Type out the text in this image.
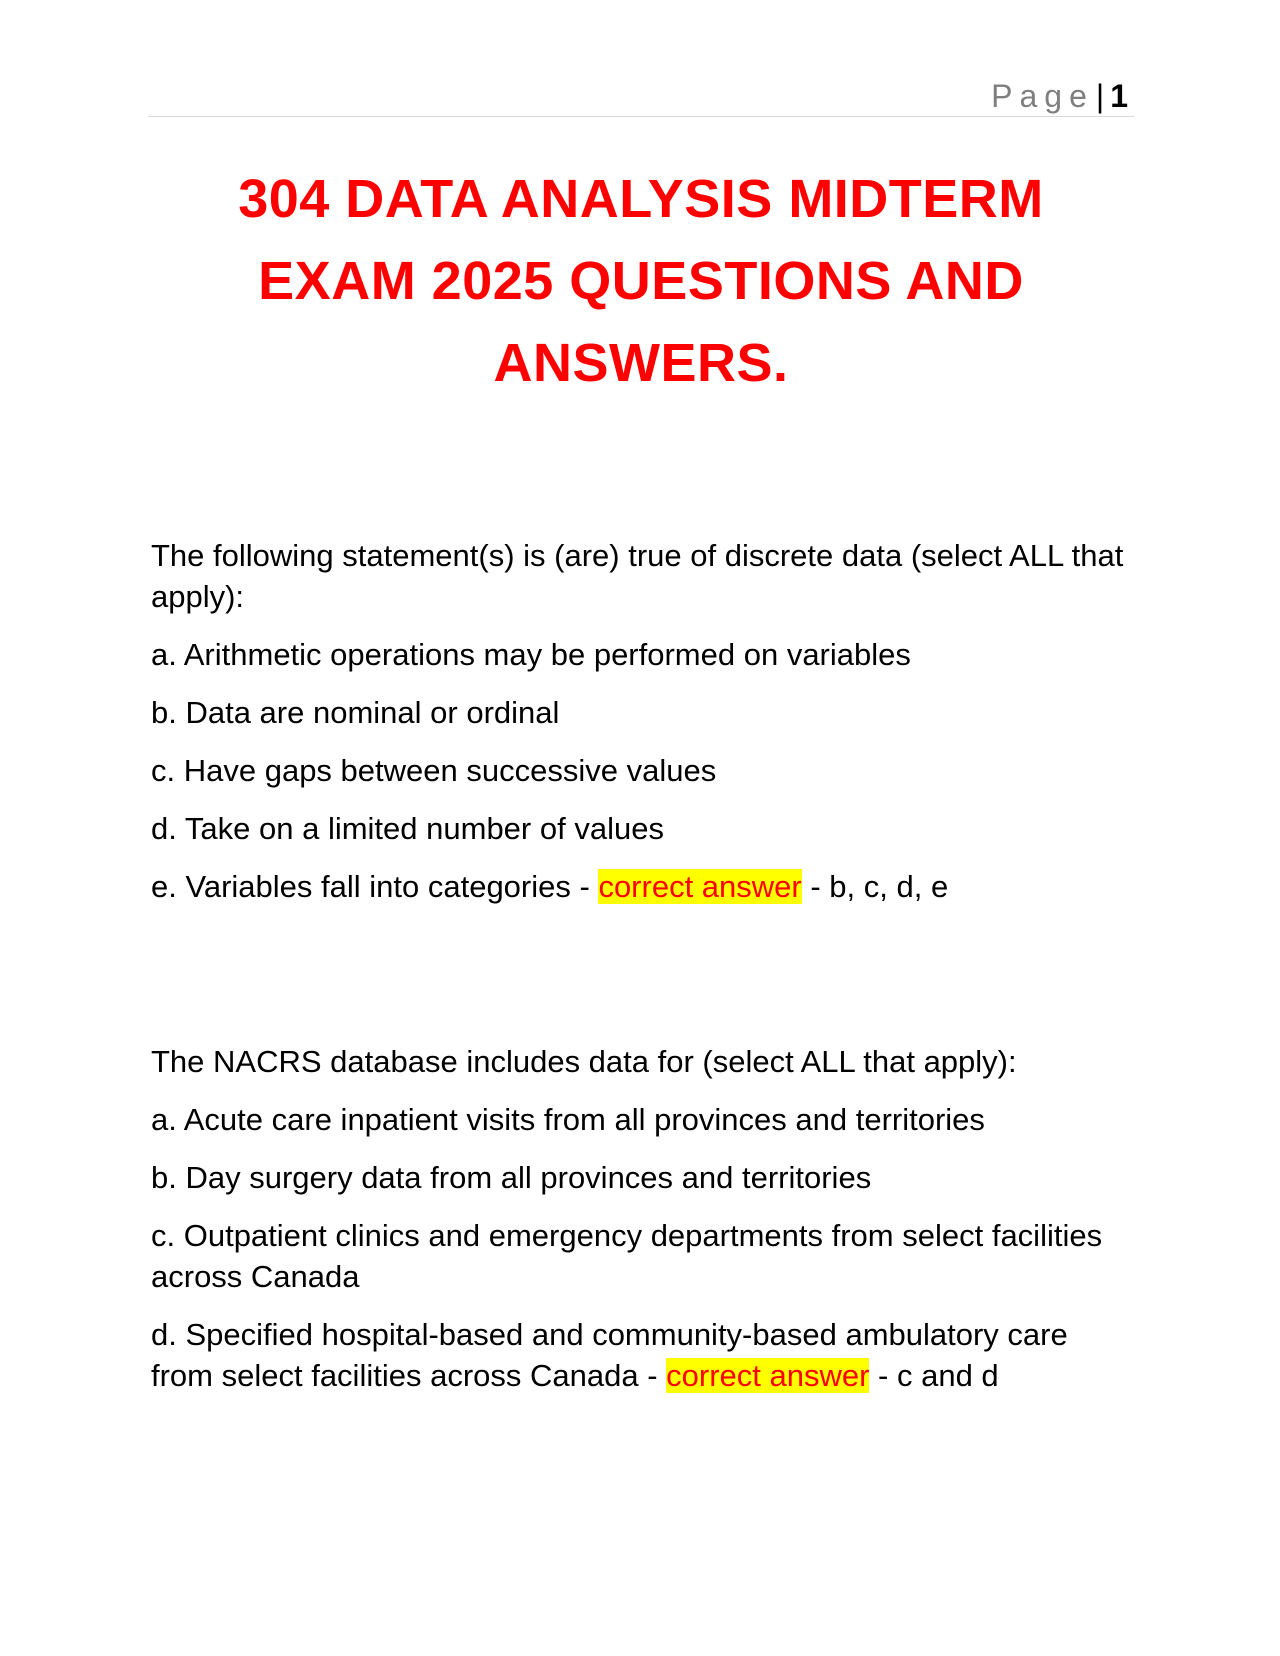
Page| 1
304 DATA ANALYSIS MIDTERM
EXAM 2025 QUESTIONS AND
ANSWERS.

The following statement(s) is (are) true of discrete data (select ALL that apply):

a. Arithmetic operations may be performed on variables

b. Data are nominal or ordinal

c. Have gaps between successive values

d. Take on a limited number of values

e. Variables fall into categories - correct answer - b, c, d, e

The NACRS database includes data for (select ALL that apply):

a. Acute care inpatient visits from all provinces and territories

b. Day surgery data from all provinces and territories

c. Outpatient clinics and emergency departments from select facilities across Canada

d. Specified hospital-based and community-based ambulatory care from select facilities across Canada - correct answer - c and d
